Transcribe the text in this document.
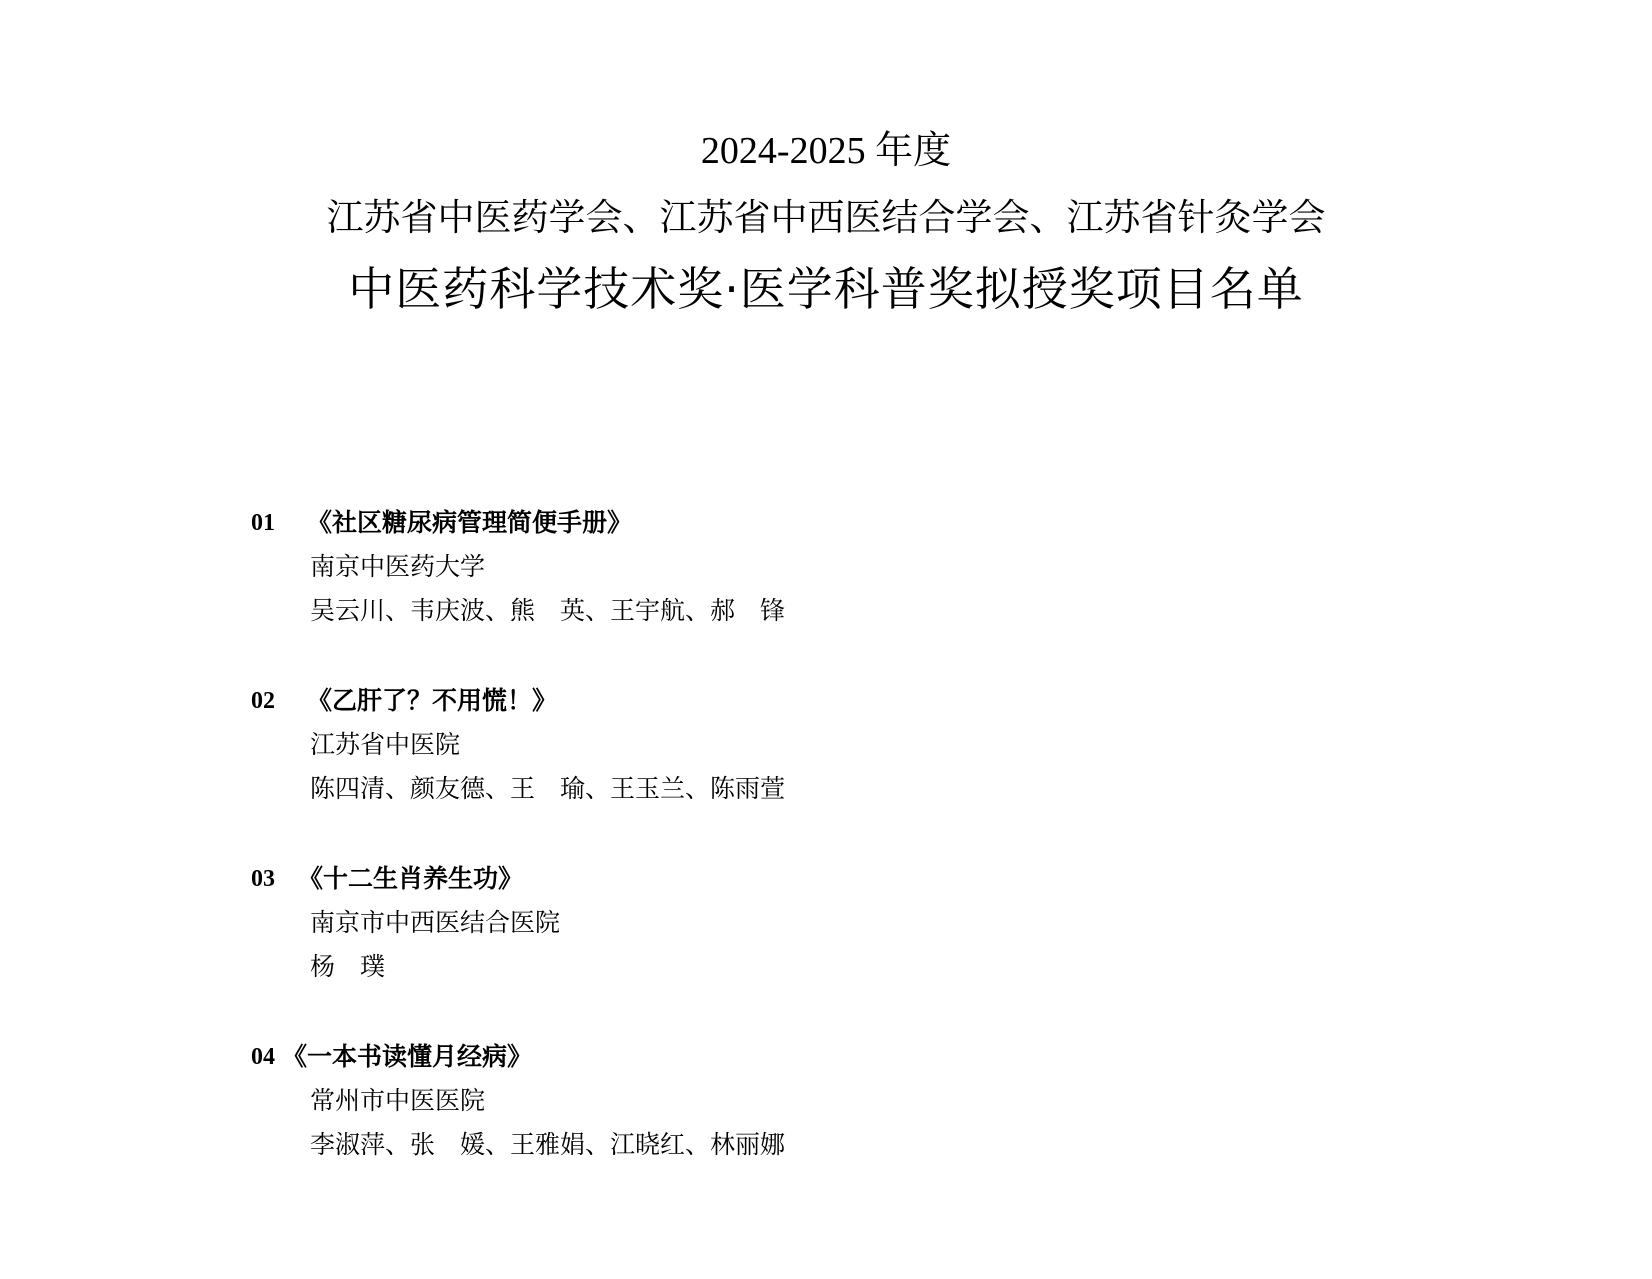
2024-2025 年度
江苏省中医药学会、江苏省中西医结合学会、江苏省针灸学会
中医药科学技术奖·医学科普奖拟授奖项目名单
01 《社区糖尿病管理简便手册》
南京中医药大学
吴云川、韦庆波、熊　英、王宇航、郝　锋
02 《乙肝了？不用慌！》
江苏省中医院
陈四清、颜友德、王　瑜、王玉兰、陈雨萱
03 《十二生肖养生功》
南京市中西医结合医院
杨　璞
04 《一本书读懂月经病》
常州市中医医院
李淑萍、张　媛、王雅娟、江晓红、林丽娜
